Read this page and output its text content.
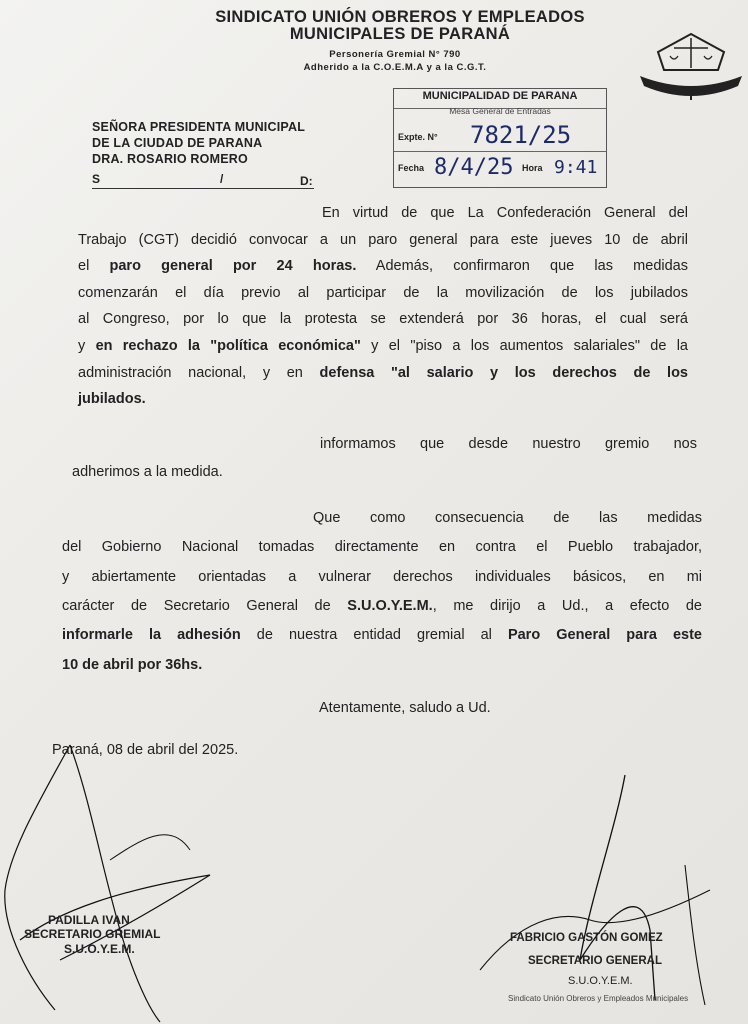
SINDICATO UNIÓN OBREROS Y EMPLEADOS
MUNICIPALES DE PARANÁ
Personería Gremial N° 790
Adherido a la C.O.E.M.A y a la C.G.T.
SEÑORA PRESIDENTA MUNICIPAL
DE LA CIUDAD DE PARANA
DRA. ROSARIO ROMERO
S	/	D:
MUNICIPALIDAD DE PARANA
Mesa General de Entradas
Expte. N° 7821/25
Fecha 8/4/25 Hora 9:41
En virtud de que La Confederación General del
Trabajo (CGT) decidió convocar a un paro general para este jueves 10 de abril
el paro general por 24 horas. Además, confirmaron que las medidas
comenzarán el día previo al participar de la movilización de los jubilados
al Congreso, por lo que la protesta se extenderá por 36 horas, el cual será
y en rechazo la "política económica" y el "piso a los aumentos salariales" de la
administración nacional, y en defensa "al salario y los derechos de los
jubilados.
informamos que desde nuestro gremio nos
adherimos a la medida.
Que como consecuencia de las medidas
del Gobierno Nacional tomadas directamente en contra el Pueblo trabajador,
y abiertamente orientadas a vulnerar derechos individuales básicos, en mi
carácter de Secretario General de S.U.O.Y.E.M., me dirijo a Ud., a efecto de
informarle la adhesión de nuestra entidad gremial al Paro General para este
10 de abril por 36hs.
Atentamente, saludo a Ud.
Paraná, 08 de abril del 2025.
PADILLA IVAN
SECRETARIO GREMIAL
S.U.O.Y.E.M.
FABRICIO GASTÓN GOMEZ
SECRETARIO GENERAL
S.U.O.Y.E.M.
Sindicato Unión Obreros y Empleados Municipales
